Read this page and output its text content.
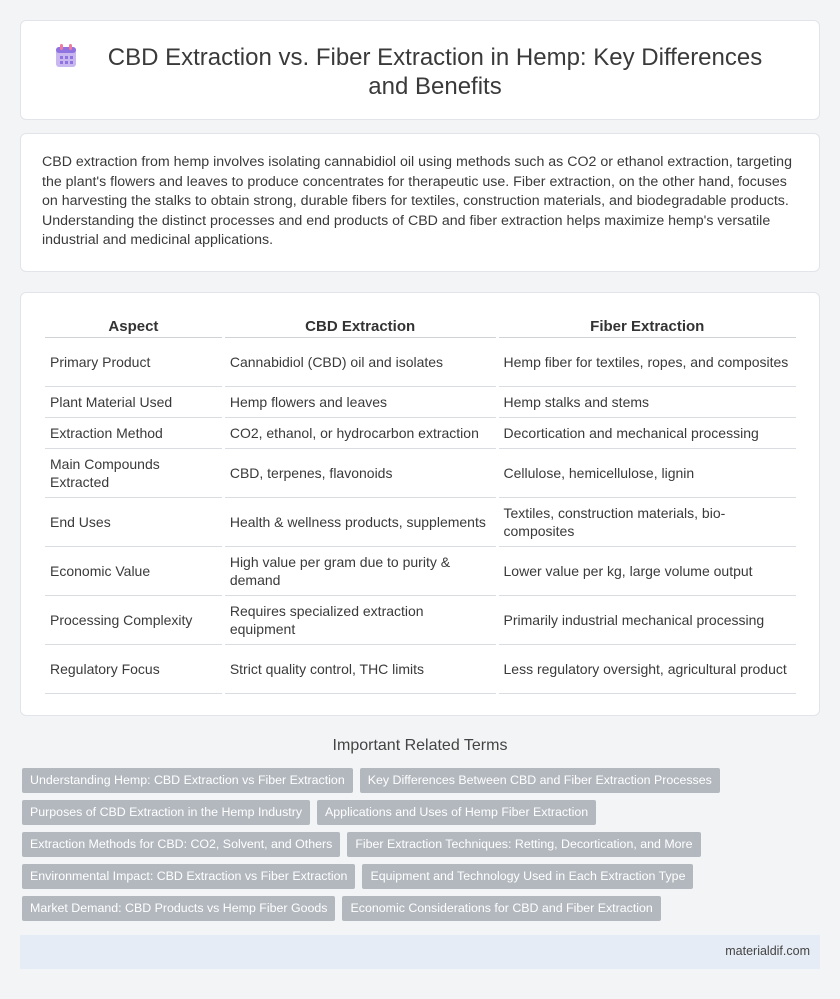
CBD Extraction vs. Fiber Extraction in Hemp: Key Differences and Benefits

CBD extraction from hemp involves isolating cannabidiol oil using methods such as CO2 or ethanol extraction, targeting the plant's flowers and leaves to produce concentrates for therapeutic use. Fiber extraction, on the other hand, focuses on harvesting the stalks to obtain strong, durable fibers for textiles, construction materials, and biodegradable products. Understanding the distinct processes and end products of CBD and fiber extraction helps maximize hemp's versatile industrial and medicinal applications.

Aspect	CBD Extraction	Fiber Extraction
Primary Product	Cannabidiol (CBD) oil and isolates	Hemp fiber for textiles, ropes, and composites
Plant Material Used	Hemp flowers and leaves	Hemp stalks and stems
Extraction Method	CO2, ethanol, or hydrocarbon extraction	Decortication and mechanical processing
Main Compounds Extracted	CBD, terpenes, flavonoids	Cellulose, hemicellulose, lignin
End Uses	Health & wellness products, supplements	Textiles, construction materials, bio-composites
Economic Value	High value per gram due to purity & demand	Lower value per kg, large volume output
Processing Complexity	Requires specialized extraction equipment	Primarily industrial mechanical processing
Regulatory Focus	Strict quality control, THC limits	Less regulatory oversight, agricultural product
Important Related Terms
Understanding Hemp: CBD Extraction vs Fiber Extraction Key Differences Between CBD and Fiber Extraction Processes
Purposes of CBD Extraction in the Hemp Industry Applications and Uses of Hemp Fiber Extraction
Extraction Methods for CBD: CO2, Solvent, and Others Fiber Extraction Techniques: Retting, Decortication, and More
Environmental Impact: CBD Extraction vs Fiber Extraction Equipment and Technology Used in Each Extraction Type
Market Demand: CBD Products vs Hemp Fiber Goods Economic Considerations for CBD and Fiber Extraction
materialdif.com
